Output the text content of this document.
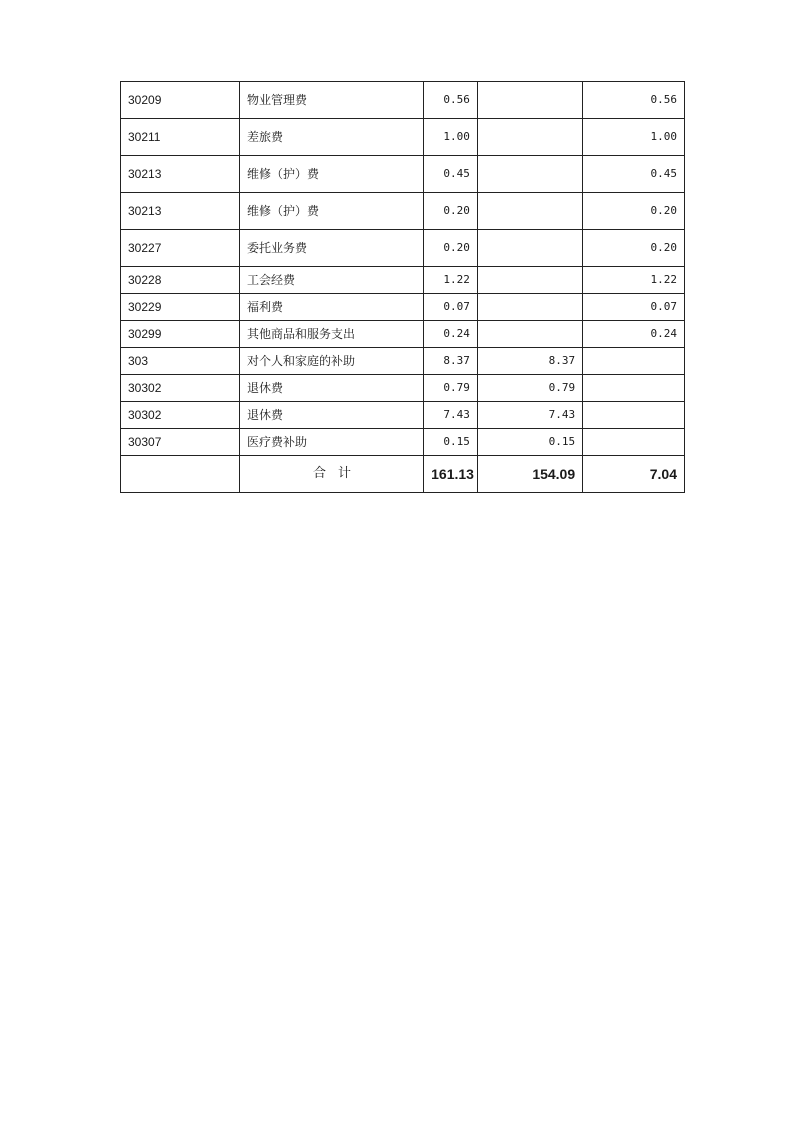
30209	物业管理费	0.56		0.56
30211	差旅费	1.00		1.00
30213	维修（护）费	0.45		0.45
30213	维修（护）费	0.20		0.20
30227	委托业务费	0.20		0.20
30228	工会经费	1.22		1.22
30229	福利费	0.07		0.07
30299	其他商品和服务支出	0.24		0.24
303	对个人和家庭的补助	8.37	8.37	
30302	退休费	0.79	0.79	
30302	退休费	7.43	7.43	
30307	医疗费补助	0.15	0.15	
	合计	161.13	154.09	7.04
